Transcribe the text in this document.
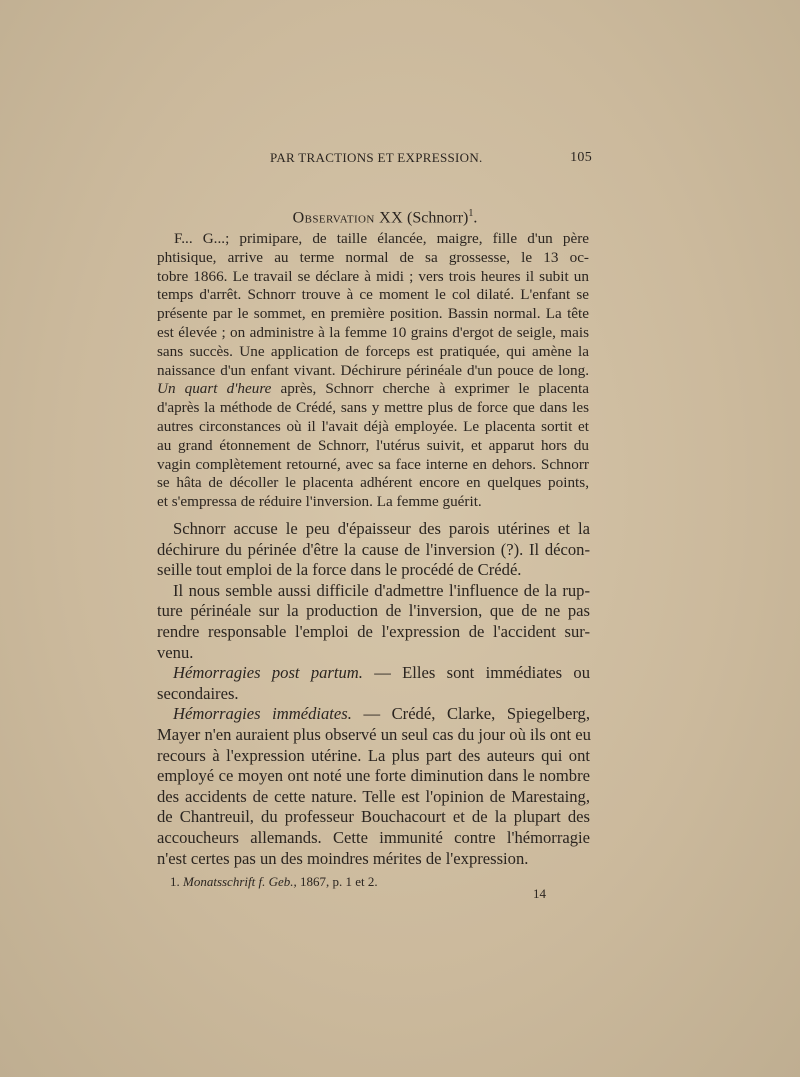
PAR TRACTIONS ET EXPRESSION.	105
Observation XX (Schnorr)$^1$.
F... G...; primipare, de taille élancée, maigre, fille d'un père
phtisique, arrive au terme normal de sa grossesse, le 13 oc-
tobre 1866. Le travail se déclare à midi ; vers trois heures il subit un
temps d'arrêt. Schnorr trouve à ce moment le col dilaté. L'enfant se
présente par le sommet, en première position. Bassin normal. La tête
est élevée ; on administre à la femme 10 grains d'ergot de seigle, mais
sans succès. Une application de forceps est pratiquée, qui amène la
naissance d'un enfant vivant. Déchirure périnéale d'un pouce de long.
Un quart d'heure après, Schnorr cherche à exprimer le placenta
d'après la méthode de Crédé, sans y mettre plus de force que dans les
autres circonstances où il l'avait déjà employée. Le placenta sortit et
au grand étonnement de Schnorr, l'utérus suivit, et apparut hors du
vagin complètement retourné, avec sa face interne en dehors. Schnorr
se hâta de décoller le placenta adhérent encore en quelques points,
et s'empressa de réduire l'inversion. La femme guérit.
Schnorr accuse le peu d'épaisseur des parois utérines et la
déchirure du périnée d'être la cause de l'inversion (?). Il décon-
seille tout emploi de la force dans le procédé de Crédé.
Il nous semble aussi difficile d'admettre l'influence de la rup-
ture périnéale sur la production de l'inversion, que de ne pas
rendre responsable l'emploi de l'expression de l'accident sur-
venu.
Hémorragies post partum. — Elles sont immédiates ou
secondaires.
Hémorragies immédiates. — Crédé, Clarke, Spiegelberg,
Mayer n'en auraient plus observé un seul cas du jour où ils ont eu
recours à l'expression utérine. La plus part des auteurs qui ont
employé ce moyen ont noté une forte diminution dans le nombre
des accidents de cette nature. Telle est l'opinion de Marestaing,
de Chantreuil, du professeur Bouchacourt et de la plupart des
accoucheurs allemands. Cette immunité contre l'hémorragie
n'est certes pas un des moindres mérites de l'expression.
1. Monatsschrift f. Geb., 1867, p. 1 et 2.
14
